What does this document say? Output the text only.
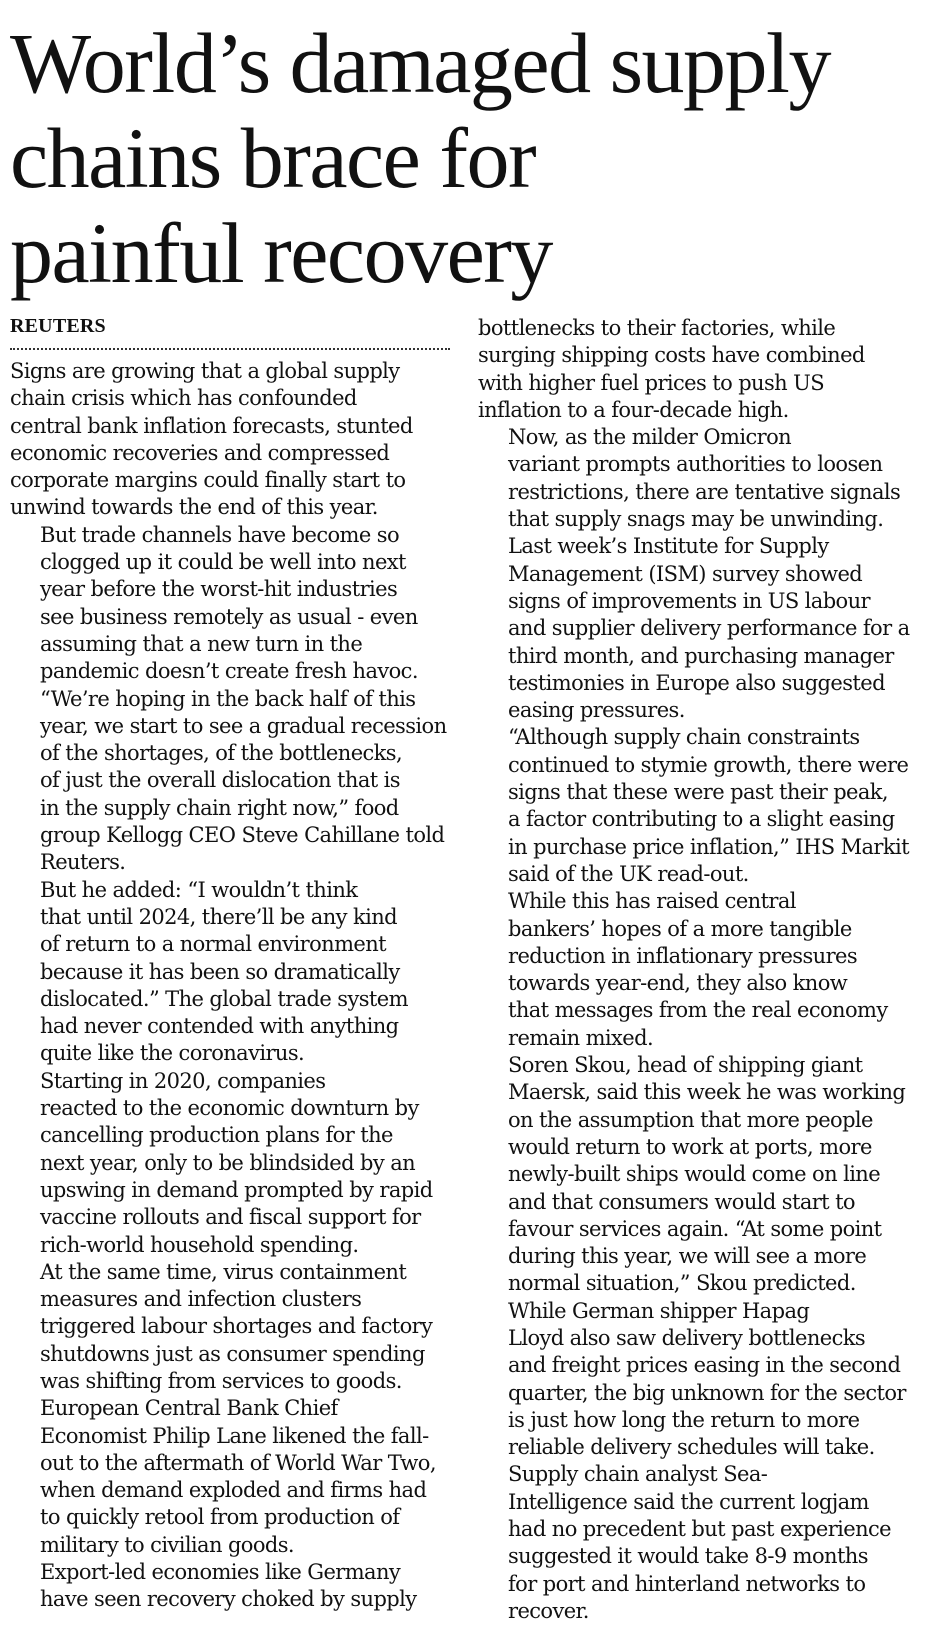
World’s damaged supply
chains brace for
painful recovery
REUTERS

Signs are growing that a global supply
chain crisis which has confounded
central bank inflation forecasts, stunted
economic recoveries and compressed
corporate margins could finally start to
unwind towards the end of this year.

But trade channels have become so
clogged up it could be well into next
year before the worst-hit industries
see business remotely as usual - even
assuming that a new turn in the
pandemic doesn’t create fresh havoc.

“We’re hoping in the back half of this
year, we start to see a gradual recession
of the shortages, of the bottlenecks,
of just the overall dislocation that is
in the supply chain right now,” food
group Kellogg CEO Steve Cahillane told
Reuters.

But he added: “I wouldn’t think
that until 2024, there’ll be any kind
of return to a normal environment
because it has been so dramatically
dislocated.” The global trade system
had never contended with anything
quite like the coronavirus.

Starting in 2020, companies
reacted to the economic downturn by
cancelling production plans for the
next year, only to be blindsided by an
upswing in demand prompted by rapid
vaccine rollouts and fiscal support for
rich-world household spending.

At the same time, virus containment
measures and infection clusters
triggered labour shortages and factory
shutdowns just as consumer spending
was shifting from services to goods.

European Central Bank Chief
Economist Philip Lane likened the fall-
out to the aftermath of World War Two,
when demand exploded and firms had
to quickly retool from production of
military to civilian goods.

Export-led economies like Germany
have seen recovery choked by supply

bottlenecks to their factories, while
surging shipping costs have combined
with higher fuel prices to push US
inflation to a four-decade high.

Now, as the milder Omicron
variant prompts authorities to loosen
restrictions, there are tentative signals
that supply snags may be unwinding.

Last week’s Institute for Supply
Management (ISM) survey showed
signs of improvements in US labour
and supplier delivery performance for a
third month, and purchasing manager
testimonies in Europe also suggested
easing pressures.

“Although supply chain constraints
continued to stymie growth, there were
signs that these were past their peak,
a factor contributing to a slight easing
in purchase price inflation,” IHS Markit
said of the UK read-out.

While this has raised central
bankers’ hopes of a more tangible
reduction in inflationary pressures
towards year-end, they also know
that messages from the real economy
remain mixed.

Soren Skou, head of shipping giant
Maersk, said this week he was working
on the assumption that more people
would return to work at ports, more
newly-built ships would come on line
and that consumers would start to
favour services again. “At some point
during this year, we will see a more
normal situation,” Skou predicted.

While German shipper Hapag
Lloyd also saw delivery bottlenecks
and freight prices easing in the second
quarter, the big unknown for the sector
is just how long the return to more
reliable delivery schedules will take.

Supply chain analyst Sea-
Intelligence said the current logjam
had no precedent but past experience
suggested it would take 8-9 months
for port and hinterland networks to
recover.
